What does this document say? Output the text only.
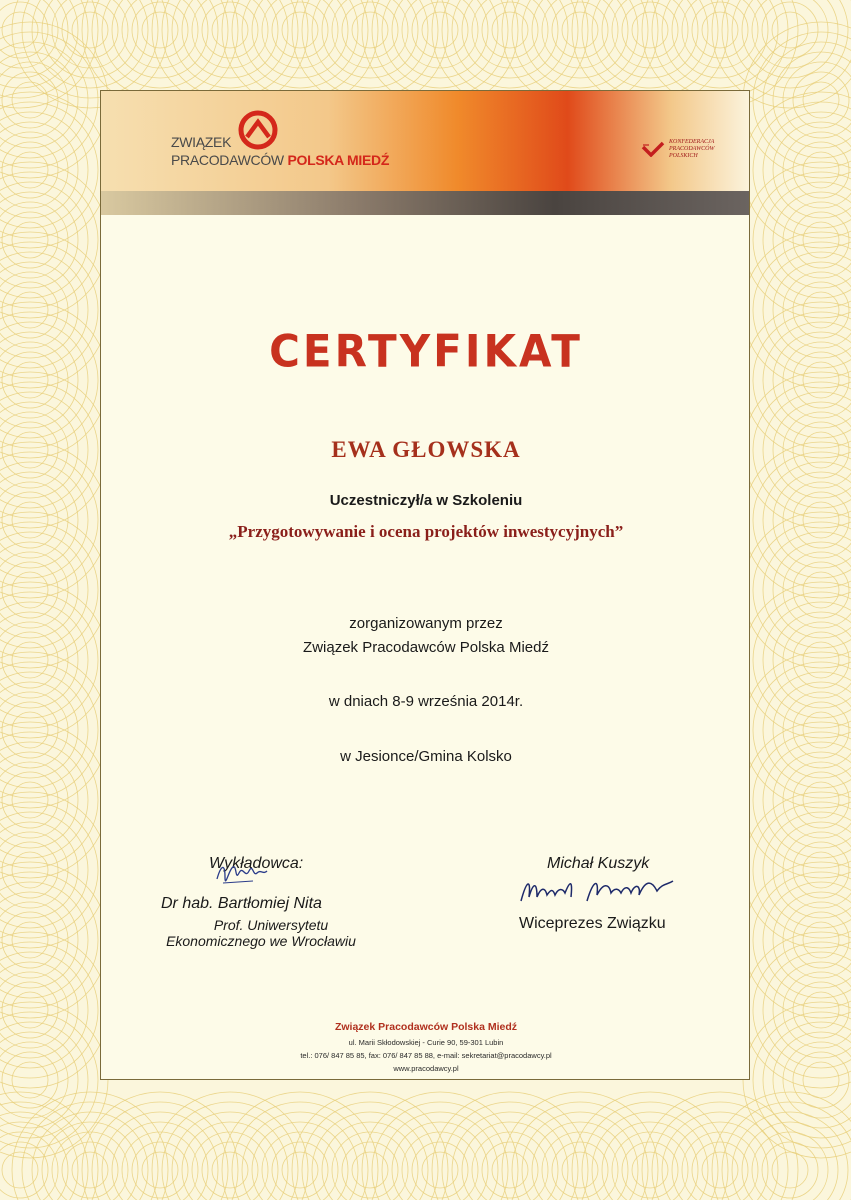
ZWIĄZEK
PRACODAWCÓW POLSKA MIEDŹ
KONFEDERACJA
PRACODAWCÓW
POLSKICH
CERTYFIKAT
EWA GŁOWSKA
Uczestniczył/a w Szkoleniu
„Przygotowywanie i ocena projektów inwestycyjnych”
zorganizowanym przez
Związek Pracodawców Polska Miedź
w dniach 8-9 września 2014r.
w Jesionce/Gmina Kolsko
Wykładowca:
Dr hab. Bartłomiej Nita
Prof. Uniwersytetu
Ekonomicznego we Wrocławiu
Michał Kuszyk
Wiceprezes Związku
Związek Pracodawców Polska Miedź
ul. Marii Skłodowskiej - Curie 90, 59-301 Lubin
tel.: 076/ 847 85 85, fax: 076/ 847 85 88, e-mail: sekretariat@pracodawcy.pl
www.pracodawcy.pl
